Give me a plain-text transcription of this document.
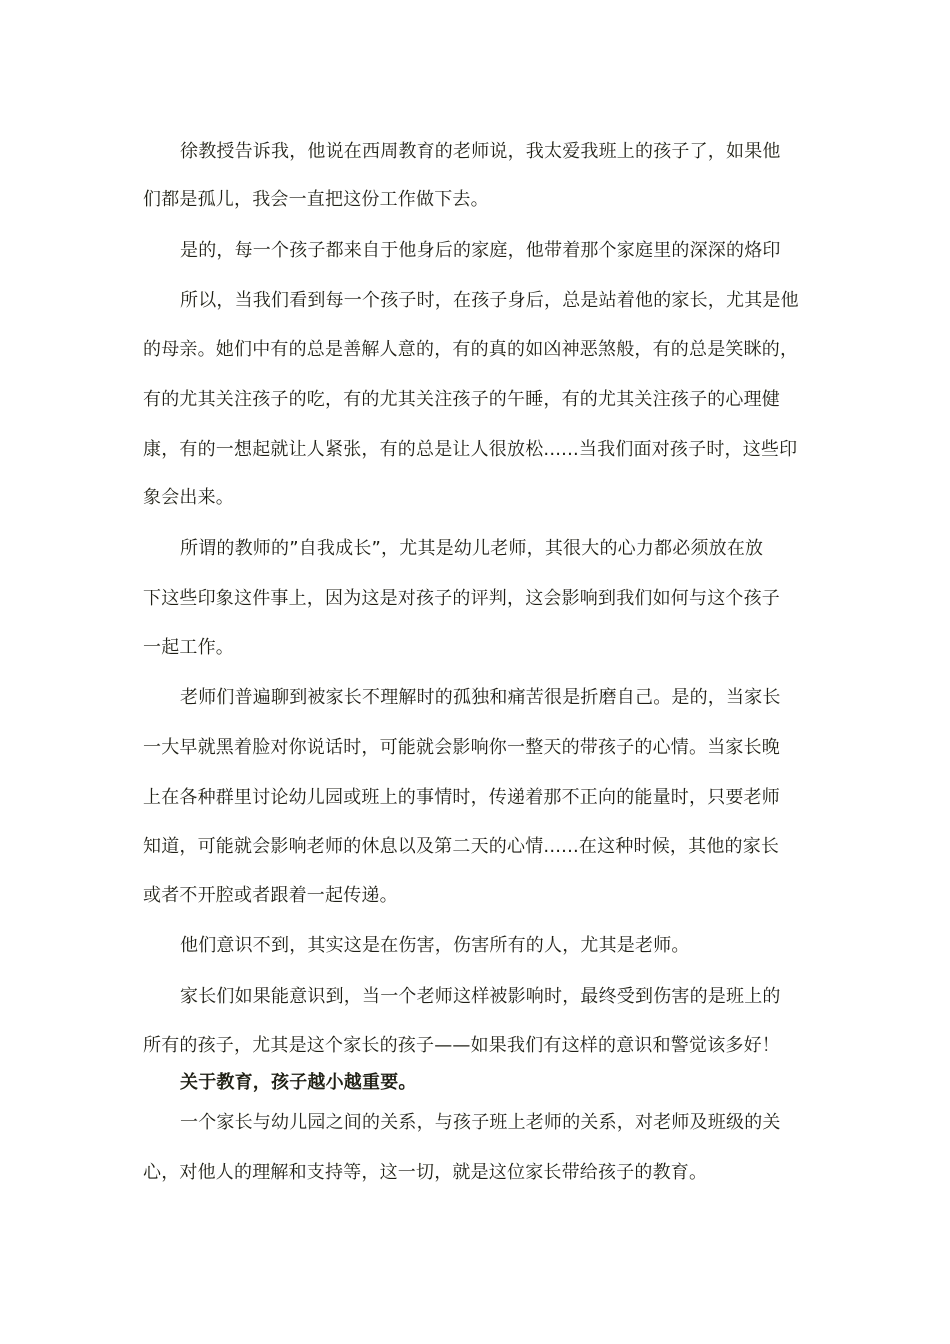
徐教授告诉我，他说在西周教育的老师说，我太爱我班上的孩子了，如果他
们都是孤儿，我会一直把这份工作做下去。
是的，每一个孩子都来自于他身后的家庭，他带着那个家庭里的深深的烙印
所以，当我们看到每一个孩子时，在孩子身后，总是站着他的家长，尤其是他
的母亲。她们中有的总是善解人意的，有的真的如凶神恶煞般，有的总是笑眯的，
有的尤其关注孩子的吃，有的尤其关注孩子的午睡，有的尤其关注孩子的心理健
康，有的一想起就让人紧张，有的总是让人很放松......当我们面对孩子时，这些印
象会出来。
所谓的教师的”自我成长”，尤其是幼儿老师，其很大的心力都必须放在放
下这些印象这件事上，因为这是对孩子的评判，这会影响到我们如何与这个孩子
一起工作。
老师们普遍聊到被家长不理解时的孤独和痛苦很是折磨自己。是的，当家长
一大早就黑着脸对你说话时，可能就会影响你一整天的带孩子的心情。当家长晚
上在各种群里讨论幼儿园或班上的事情时，传递着那不正向的能量时，只要老师
知道，可能就会影响老师的休息以及第二天的心情......在这种时候，其他的家长
或者不开腔或者跟着一起传递。
他们意识不到，其实这是在伤害，伤害所有的人，尤其是老师。
家长们如果能意识到，当一个老师这样被影响时，最终受到伤害的是班上的
所有的孩子，尤其是这个家长的孩子——如果我们有这样的意识和警觉该多好！
关于教育，孩子越小越重要。
一个家长与幼儿园之间的关系，与孩子班上老师的关系，对老师及班级的关
心，对他人的理解和支持等，这一切，就是这位家长带给孩子的教育。
